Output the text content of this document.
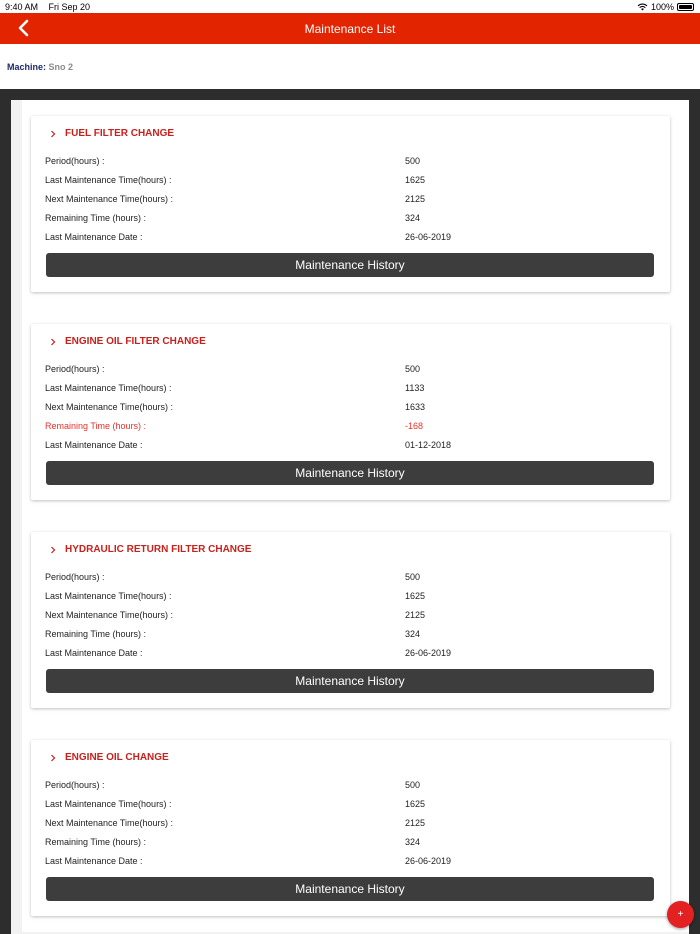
9:40 AM Fri Sep 20	100%
Maintenance List
Machine: Sno 2
FUEL FILTER CHANGE
Period(hours) :	500
Last Maintenance Time(hours) :	1625
Next Maintenance Time(hours) :	2125
Remaining Time (hours) :	324
Last Maintenance Date :	26-06-2019
Maintenance History
ENGINE OIL FILTER CHANGE
Period(hours) :	500
Last Maintenance Time(hours) :	1133
Next Maintenance Time(hours) :	1633
Remaining Time (hours) :	-168
Last Maintenance Date :	01-12-2018
Maintenance History
HYDRAULIC RETURN FILTER CHANGE
Period(hours) :	500
Last Maintenance Time(hours) :	1625
Next Maintenance Time(hours) :	2125
Remaining Time (hours) :	324
Last Maintenance Date :	26-06-2019
Maintenance History
ENGINE OIL CHANGE
Period(hours) :	500
Last Maintenance Time(hours) :	1625
Next Maintenance Time(hours) :	2125
Remaining Time (hours) :	324
Last Maintenance Date :	26-06-2019
Maintenance History
+
